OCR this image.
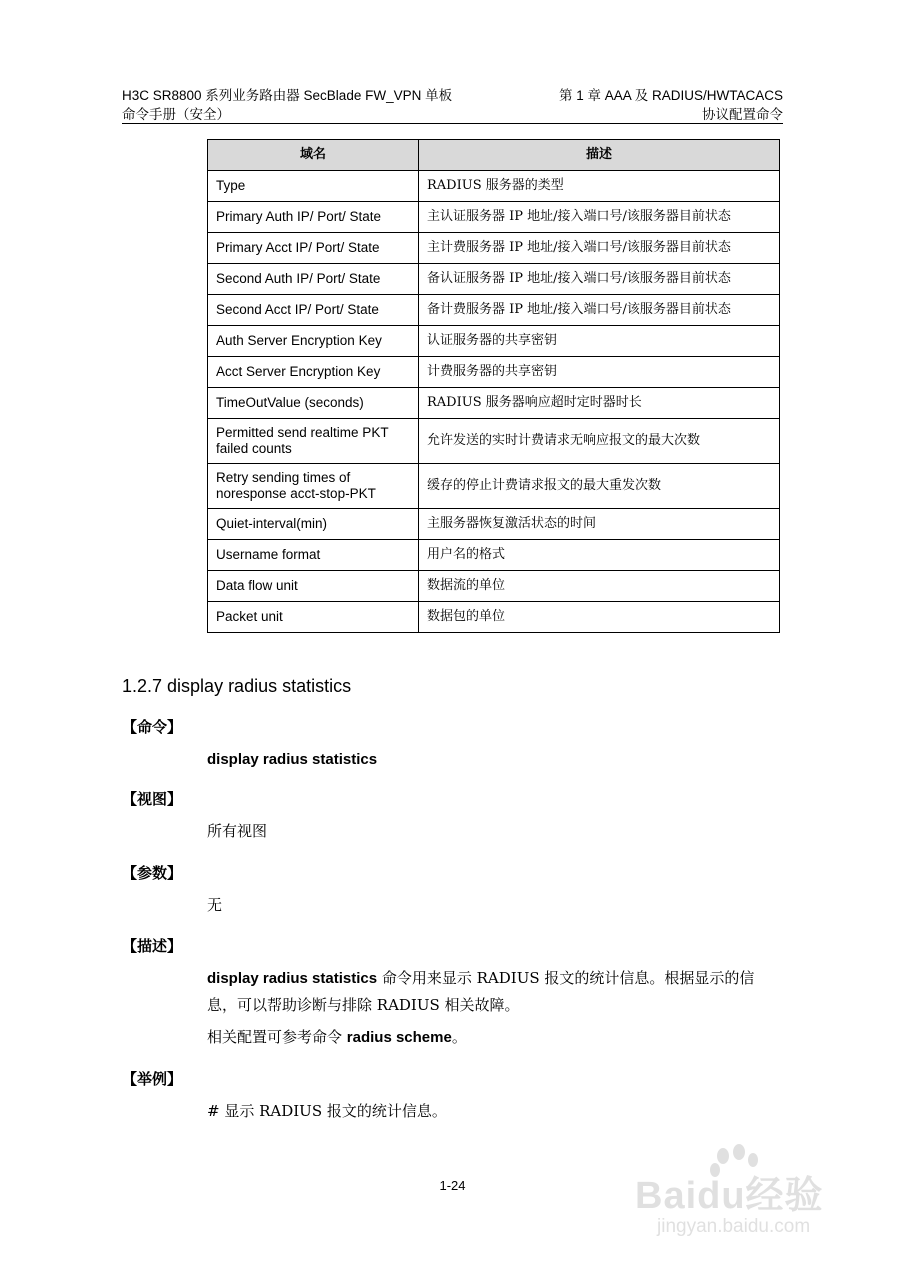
H3C SR8800 系列业务路由器 SecBlade FW_VPN 单板
命令手册（安全）
第 1 章 AAA 及 RADIUS/HWTACACS
协议配置命令
域名	描述
Type	RADIUS 服务器的类型
Primary Auth IP/ Port/ State	主认证服务器 IP 地址/接入端口号/该服务器目前状态
Primary Acct IP/ Port/ State	主计费服务器 IP 地址/接入端口号/该服务器目前状态
Second Auth IP/ Port/ State	备认证服务器 IP 地址/接入端口号/该服务器目前状态
Second Acct IP/ Port/ State	备计费服务器 IP 地址/接入端口号/该服务器目前状态
Auth Server Encryption Key	认证服务器的共享密钥
Acct Server Encryption Key	计费服务器的共享密钥
TimeOutValue (seconds)	RADIUS 服务器响应超时定时器时长
Permitted send realtime PKT failed counts	允许发送的实时计费请求无响应报文的最大次数
Retry sending times of noresponse acct-stop-PKT	缓存的停止计费请求报文的最大重发次数
Quiet-interval(min)	主服务器恢复激活状态的时间
Username format	用户名的格式
Data flow unit	数据流的单位
Packet unit	数据包的单位
1.2.7 display radius statistics
【命令】
display radius statistics
【视图】
所有视图
【参数】
无
【描述】
display radius statistics 命令用来显示 RADIUS 报文的统计信息。根据显示的信息，可以帮助诊断与排除 RADIUS 相关故障。
相关配置可参考命令 radius scheme。
【举例】
# 显示 RADIUS 报文的统计信息。
1-24	Baidu经验
jingyan.baidu.com
